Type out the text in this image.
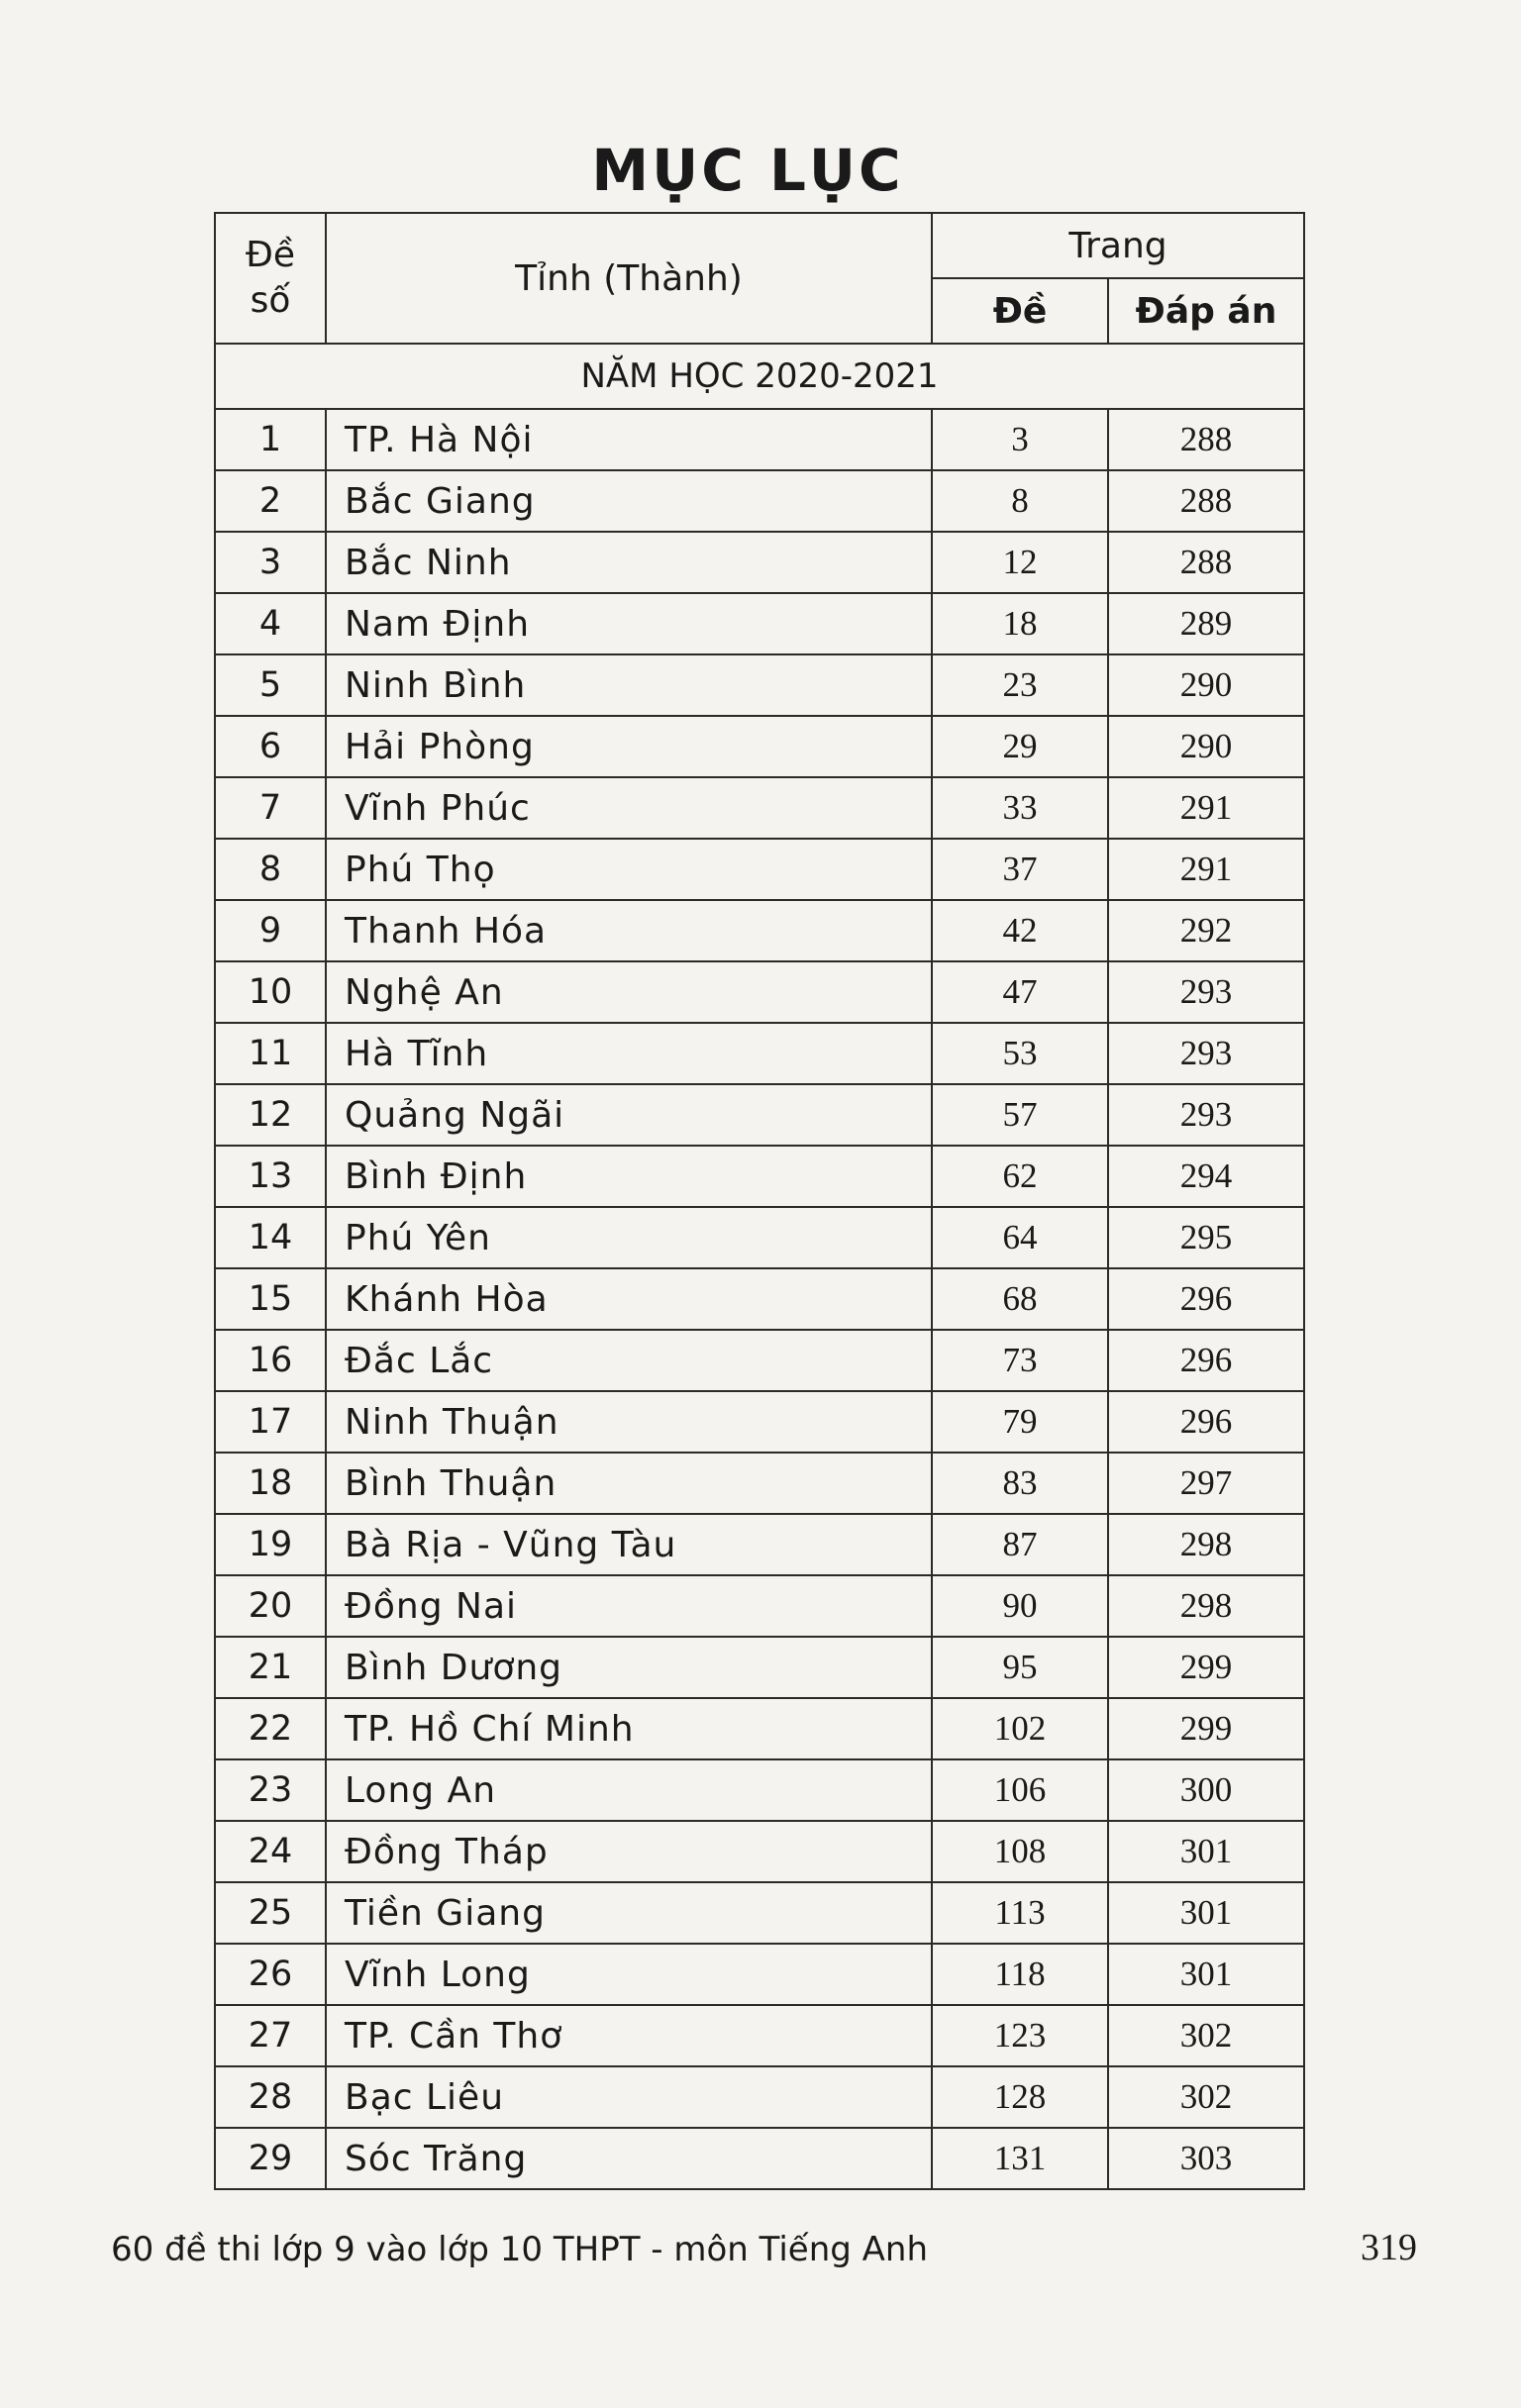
MỤC LỤC
Đề
số	Tỉnh (Thành)	Trang	
		Đề	Đáp án
NĂM HỌC 2020-2021			
1	TP. Hà Nội	3	288
2	Bắc Giang	8	288
3	Bắc Ninh	12	288
4	Nam Định	18	289
5	Ninh Bình	23	290
6	Hải Phòng	29	290
7	Vĩnh Phúc	33	291
8	Phú Thọ	37	291
9	Thanh Hóa	42	292
10	Nghệ An	47	293
11	Hà Tĩnh	53	293
12	Quảng Ngãi	57	293
13	Bình Định	62	294
14	Phú Yên	64	295
15	Khánh Hòa	68	296
16	Đắc Lắc	73	296
17	Ninh Thuận	79	296
18	Bình Thuận	83	297
19	Bà Rịa - Vũng Tàu	87	298
20	Đồng Nai	90	298
21	Bình Dương	95	299
22	TP. Hồ Chí Minh	102	299
23	Long An	106	300
24	Đồng Tháp	108	301
25	Tiền Giang	113	301
26	Vĩnh Long	118	301
27	TP. Cần Thơ	123	302
28	Bạc Liêu	128	302
29	Sóc Trăng	131	303
60 đề thi lớp 9 vào lớp 10 THPT - môn Tiếng Anh	319
